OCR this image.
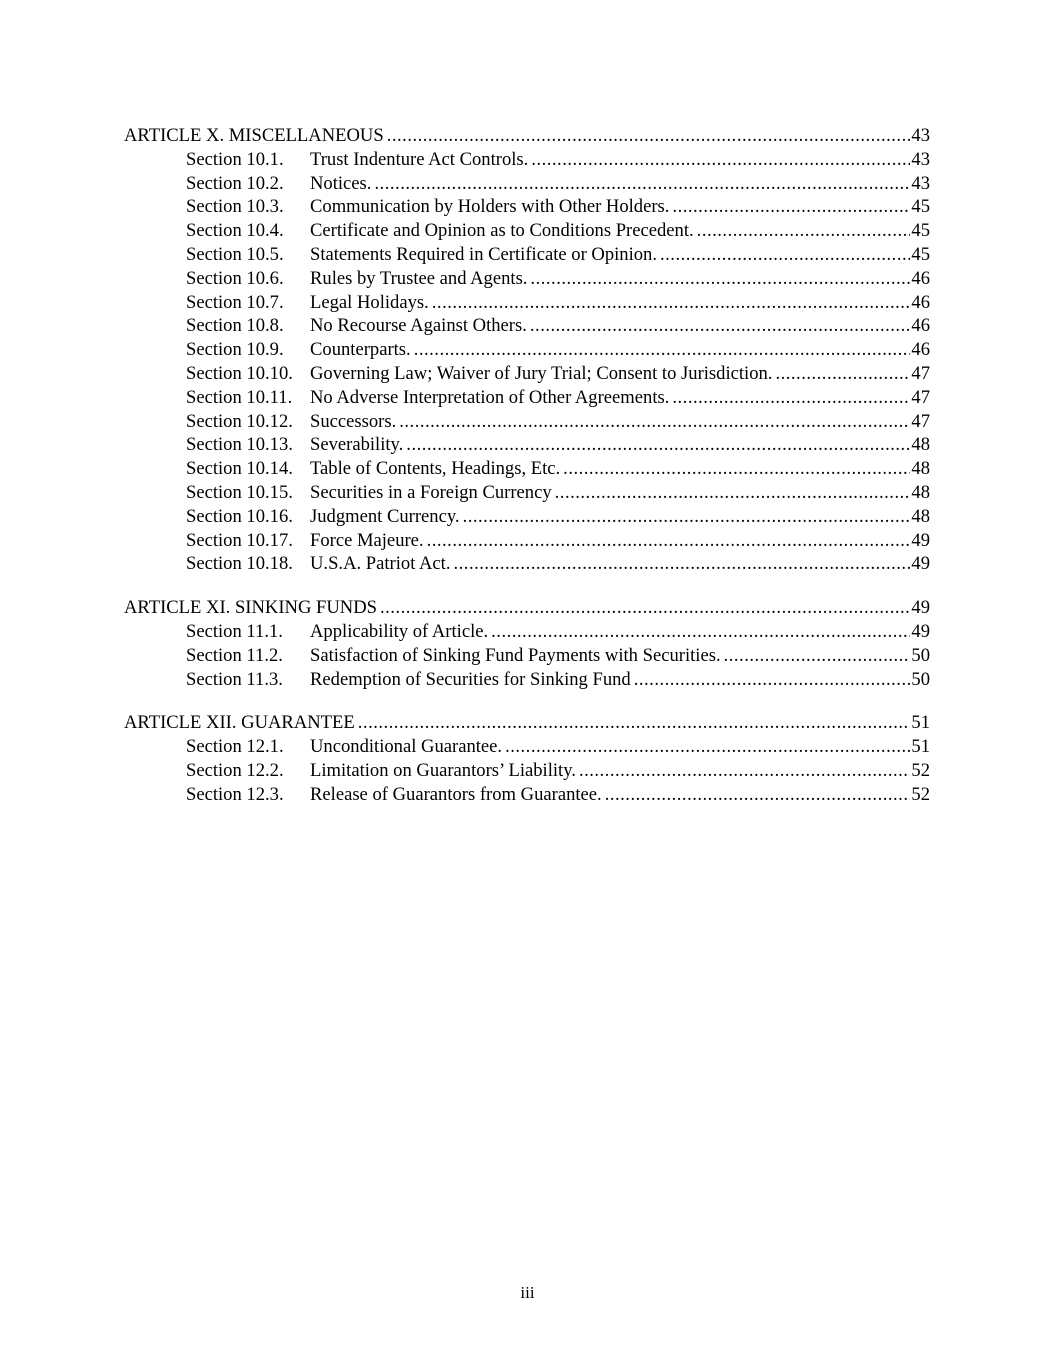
ARTICLE X. MISCELLANEOUS .....	43
Section 10.1.	Trust Indenture Act Controls. .....	43
Section 10.2.	Notices. .....	43
Section 10.3.	Communication by Holders with Other Holders. .....	45
Section 10.4.	Certificate and Opinion as to Conditions Precedent. .....	45
Section 10.5.	Statements Required in Certificate or Opinion. .....	45
Section 10.6.	Rules by Trustee and Agents. .....	46
Section 10.7.	Legal Holidays. .....	46
Section 10.8.	No Recourse Against Others. .....	46
Section 10.9.	Counterparts. .....	46
Section 10.10. Governing Law; Waiver of Jury Trial; Consent to Jurisdiction. .....	47
Section 10.11. No Adverse Interpretation of Other Agreements. .....	47
Section 10.12. Successors. .....	47
Section 10.13. Severability. .....	48
Section 10.14. Table of Contents, Headings, Etc. .....	48
Section 10.15. Securities in a Foreign Currency .....	48
Section 10.16. Judgment Currency. .....	48
Section 10.17. Force Majeure. .....	49
Section 10.18. U.S.A. Patriot Act. .....	49
ARTICLE XI. SINKING FUNDS .....	49
Section 11.1.	Applicability of Article. .....	49
Section 11.2.	Satisfaction of Sinking Fund Payments with Securities. .....	50
Section 11.3.	Redemption of Securities for Sinking Fund .....	50
ARTICLE XII. GUARANTEE .....	51
Section 12.1.	Unconditional Guarantee. .....	51
Section 12.2.	Limitation on Guarantors’ Liability. .....	52
Section 12.3.	Release of Guarantors from Guarantee. .....	52
iii
